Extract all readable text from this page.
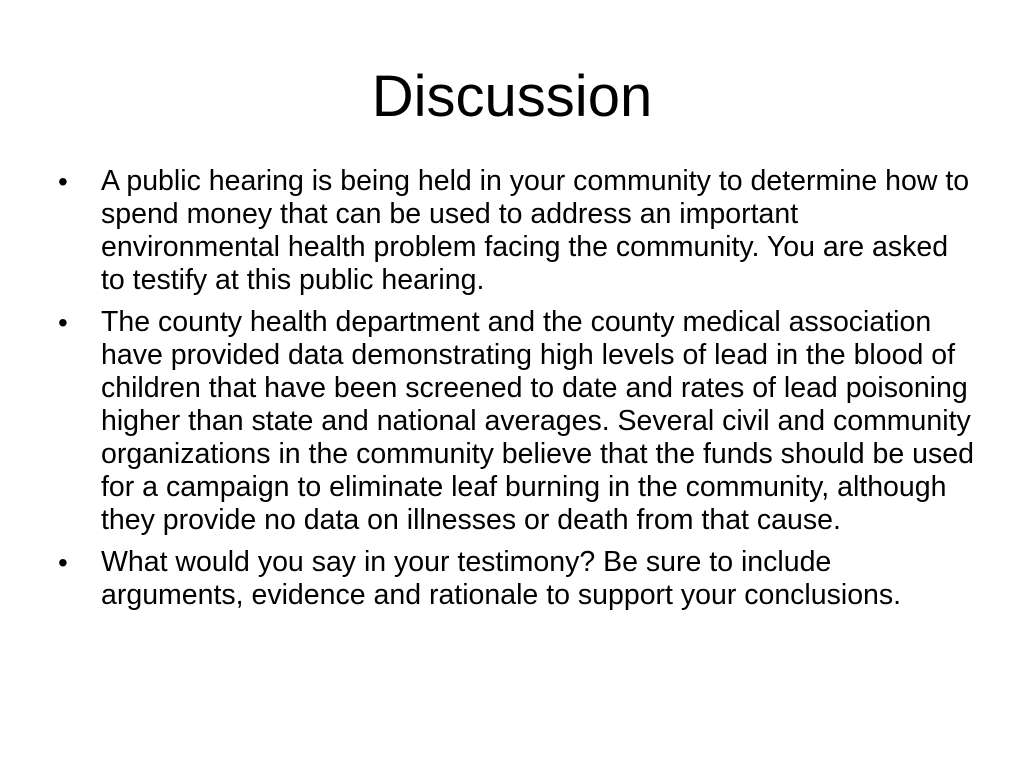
Discussion
•	A public hearing is being held in your community to determine how to spend money that can be used to address an important environmental health problem facing the community. You are asked to testify at this public hearing.
•	The county health department and the county medical association have provided data demonstrating high levels of lead in the blood of children that have been screened to date and rates of lead poisoning higher than state and national averages. Several civil and community organizations in the community believe that the funds should be used for a campaign to eliminate leaf burning in the community, although they provide no data on illnesses or death from that cause.
•	What would you say in your testimony? Be sure to include arguments, evidence and rationale to support your conclusions.
